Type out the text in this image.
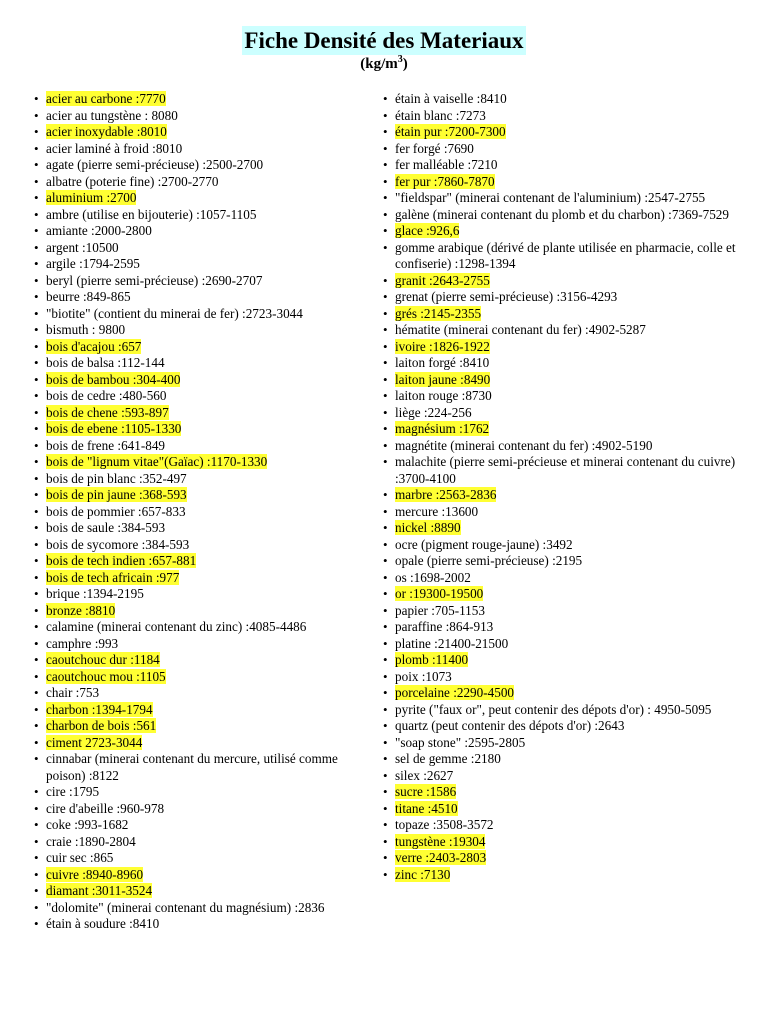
Fiche Densité des Materiaux
$(kg/m^3)$
• acier au carbone :7770
• acier au tungstène : 8080
• acier inoxydable :8010
• acier laminé à froid :8010
• agate (pierre semi-précieuse) :2500-2700
• albatre (poterie fine) :2700-2770
• aluminium :2700
• ambre (utilise en bijouterie) :1057-1105
• amiante :2000-2800
• argent :10500
• argile :1794-2595
• beryl (pierre semi-précieuse) :2690-2707
• beurre :849-865
• "biotite" (contient du minerai de fer) :2723-3044
• bismuth : 9800
• bois d'acajou :657
• bois de balsa :112-144
• bois de bambou :304-400
• bois de cedre :480-560
• bois de chene :593-897
• bois de ebene :1105-1330
• bois de frene :641-849
• bois de "lignum vitae"(Gaïac) :1170-1330
• bois de pin blanc :352-497
• bois de pin jaune :368-593
• bois de pommier :657-833
• bois de saule :384-593
• bois de sycomore :384-593
• bois de tech indien :657-881
• bois de tech africain :977
• brique :1394-2195
• bronze :8810
• calamine (minerai contenant du zinc) :4085-4486
• camphre :993
• caoutchouc dur :1184
• caoutchouc mou :1105
• chair :753
• charbon :1394-1794
• charbon de bois :561
• ciment 2723-3044
• cinnabar (minerai contenant du mercure, utilisé comme poison) :8122
• cire :1795
• cire d'abeille :960-978
• coke :993-1682
• craie :1890-2804
• cuir sec :865
• cuivre :8940-8960
• diamant :3011-3524
• "dolomite" (minerai contenant du magnésium) :2836
• étain à soudure :8410
• étain à vaiselle :8410
• étain blanc :7273
• étain pur :7200-7300
• fer forgé :7690
• fer malléable :7210
• fer pur :7860-7870
• "fieldspar" (minerai contenant de l'aluminium) :2547-2755
• galène (minerai contenant du plomb et du charbon) :7369-7529
• glace :926,6
• gomme arabique (dérivé de plante utilisée en pharmacie, colle et confiserie) :1298-1394
• granit :2643-2755
• grenat (pierre semi-précieuse) :3156-4293
• grés :2145-2355
• hématite (minerai contenant du fer) :4902-5287
• ivoire :1826-1922
• laiton forgé :8410
• laiton jaune :8490
• laiton rouge :8730
• liège :224-256
• magnésium :1762
• magnétite (minerai contenant du fer) :4902-5190
• malachite (pierre semi-précieuse et minerai contenant du cuivre) :3700-4100
• marbre :2563-2836
• mercure :13600
• nickel :8890
• ocre (pigment rouge-jaune) :3492
• opale (pierre semi-précieuse) :2195
• os :1698-2002
• or :19300-19500
• papier :705-1153
• paraffine :864-913
• platine :21400-21500
• plomb :11400
• poix :1073
• porcelaine :2290-4500
• pyrite ("faux or", peut contenir des dépots d'or) : 4950-5095
• quartz (peut contenir des dépots d'or) :2643
• "soap stone" :2595-2805
• sel de gemme :2180
• silex :2627
• sucre :1586
• titane :4510
• topaze :3508-3572
• tungstène :19304
• verre :2403-2803
• zinc :7130
